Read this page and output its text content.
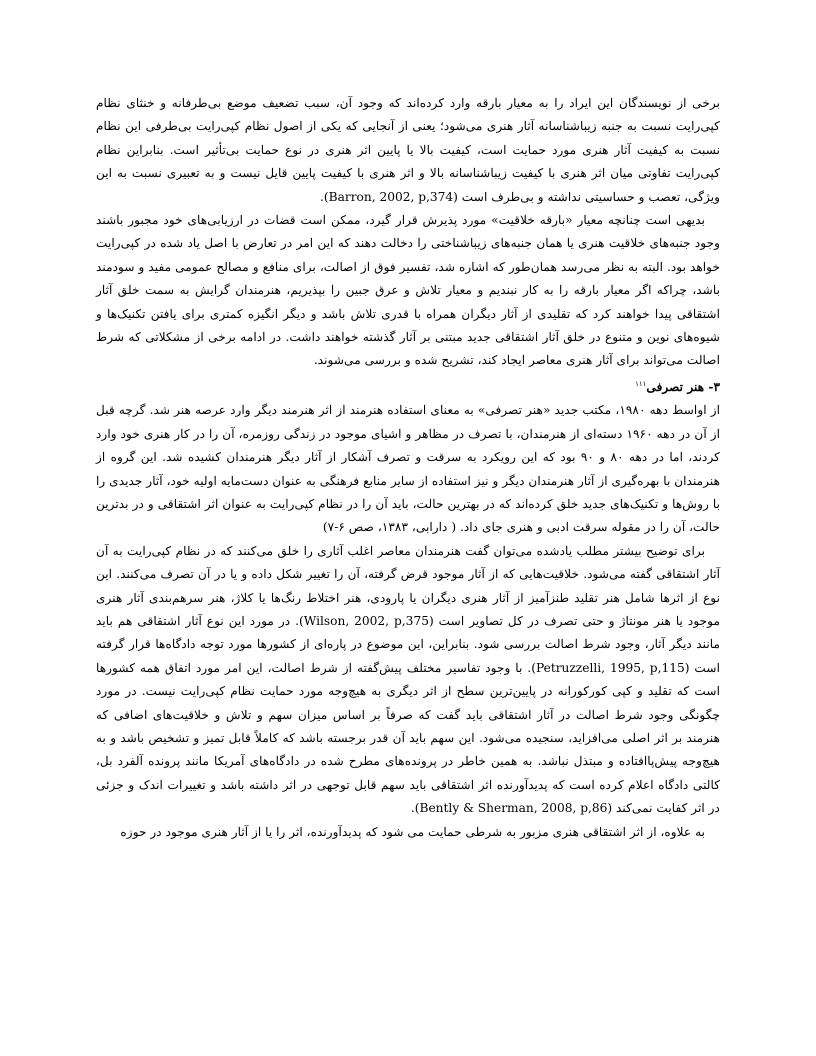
برخی از نویسندگان این ایراد را به معیار بارقه وارد کرده‌اند که وجود آن، سبب تضعیف موضع بی‌طرفانه و خنثای نظام کپی‌رایت نسبت به جنبه زیباشناسانه آثار هنری می‌شود؛ یعنی از آنجایی که یکی از اصول نظام کپی‌رایت بی‌طرفی این نظام نسبت به کیفیت آثار هنری مورد حمایت است، کیفیت بالا یا پایین اثر هنری در نوع حمایت بی‌تأثیر است. بنابراین نظام کپی‌رایت تفاوتی میان اثر هنری با کیفیت زیباشناسانه بالا و اثر هنری با کیفیت پایین قایل نیست و به تعبیری نسبت به این ویژگی، تعصب و حساسیتی نداشته و بی‌طرف است (Barron, 2002, p,374).

بدیهی است چنانچه معیار «بارقه خلاقیت» مورد پذیرش قرار گیرد، ممکن است قضات در ارزیابی‌های خود مجبور باشند وجود جنبه‌های خلاقیت هنری یا همان جنبه‌های زیباشناختی را دخالت دهند که این امر در تعارض با اصل یاد شده در کپی‌رایت خواهد بود. البته به نظر می‌رسد همان‌طور که اشاره شد، تفسیر فوق از اصالت، برای منافع و مصالح عمومی مفید و سودمند باشد، چراکه اگر معیار بارقه را به کار نبندیم و معیار تلاش و عرق جبین را بپذیریم، هنرمندان گرایش به سمت خلق آثار اشتقاقی پیدا خواهند کرد که تقلیدی از آثار دیگران همراه با قدری تلاش باشد و دیگر انگیزه کمتری برای یافتن تکنیک‌ها و شیوه‌های نوین و متنوع در خلق آثار اشتقاقی جدید مبتنی بر آثار گذشته خواهند داشت. در ادامه برخی از مشکلاتی که شرط اصالت می‌تواند برای آثار هنری معاصر ایجاد کند، تشریح شده و بررسی می‌شوند.

۳- هنر تصرفی$^{۱۱۱}$

از اواسط دهه ۱۹۸۰، مکتب جدید «هنر تصرفی» به معنای استفاده هنرمند از اثر هنرمند دیگر وارد عرصه هنر شد. گرچه قبل از آن در دهه ۱۹۶۰ دسته‌ای از هنرمندان، با تصرف در مظاهر و اشیای موجود در زندگی روزمره، آن را در کار هنری خود وارد کردند، اما در دهه ۸۰ و ۹۰ بود که این رویکرد به سرقت و تصرف آشکار از آثار دیگر هنرمندان کشیده شد. این گروه از هنرمندان با بهره‌گیری از آثار هنرمندان دیگر و نیز استفاده از سایر منابع فرهنگی به عنوان دست‌مایه اولیه خود، آثار جدیدی را با روش‌ها و تکنیک‌های جدید خلق کرده‌اند که در بهترین حالت، باید آن را در نظام کپی‌رایت به عنوان اثر اشتقاقی و در بدترین حالت، آن را در مقوله سرقت ادبی و هنری جای داد. ( دارابی، ۱۳۸۳، صص ۶-۷)

برای توضیح بیشتر مطلب یادشده می‌توان گفت هنرمندان معاصر اغلب آثاری را خلق می‌کنند که در نظام کپی‌رایت به آن آثار اشتقاقی گفته می‌شود. خلاقیت‌هایی که از آثار موجود قرض گرفته، آن را تغییر شکل داده و یا در آن تصرف می‌کنند. این نوع از اثرها شامل هنر تقلید طنزآمیز از آثار هنری دیگران یا پارودی، هنر اختلاط رنگ‌ها یا کلاژ، هنر سرهم‌بندی آثار هنری موجود یا هنر مونتاژ و حتی تصرف در کل تصاویر است (Wilson, 2002, p,375). در مورد این نوع آثار اشتقاقی هم باید مانند دیگر آثار، وجود شرط اصالت بررسی شود. بنابراین، این موضوع در پاره‌ای از کشورها مورد توجه دادگاه‌ها قرار گرفته است (Petruzzelli, 1995, p,115). با وجود تفاسیر مختلف پیش‌گفته از شرط اصالت، این امر مورد اتفاق همه کشورها است که تقلید و کپی کورکورانه در پایین‌ترین سطح از اثر دیگری به هیچ‌وجه مورد حمایت نظام کپی‌رایت نیست. در مورد چگونگی وجود شرط اصالت در آثار اشتقاقی باید گفت که صرفاً بر اساس میزان سهم و تلاش و خلاقیت‌های اضافی که هنرمند بر اثر اصلی می‌افزاید، سنجیده می‌شود. این سهم باید آن قدر برجسته باشد که کاملاً قابل تمیز و تشخیص باشد و به هیچ‌وجه پیش‌پاافتاده و مبتذل نباشد. به همین خاطر در پرونده‌های مطرح شده در دادگاه‌های آمریکا مانند پرونده آلفرد بل، کالتی دادگاه اعلام کرده است که پدیدآورنده اثر اشتقاقی باید سهم قابل توجهی در اثر داشته باشد و تغییرات اندک و جزئی در اثر کفایت نمی‌کند (Bently & Sherman, 2008, p,86).

به علاوه، از اثر اشتقاقی هنری مزبور به شرطی حمایت می شود که پدیدآورنده، اثر را یا از آثار هنری موجود در حوزه
